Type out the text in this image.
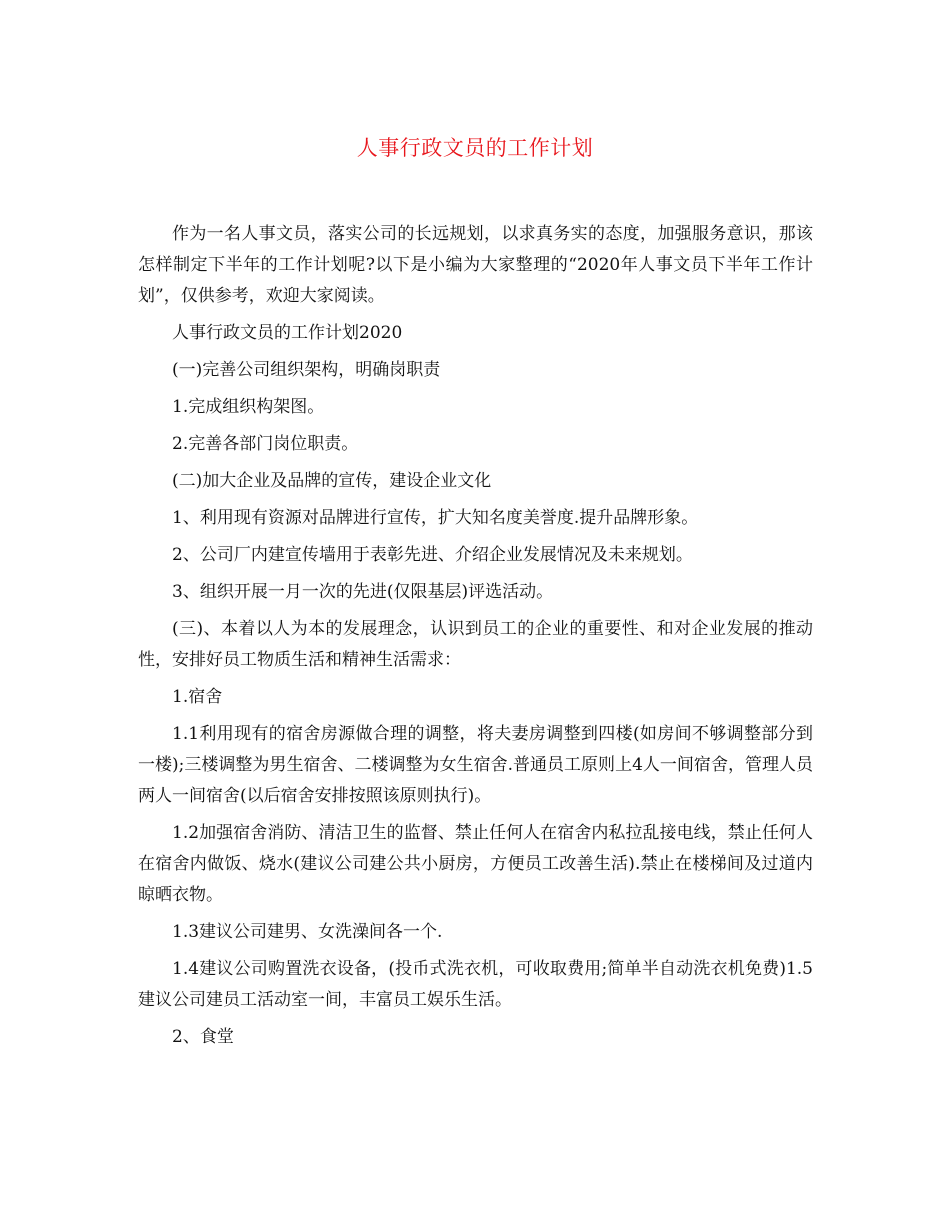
人事行政文员的工作计划

作为一名人事文员，落实公司的长远规划，以求真务实的态度，加强服务意识，那该怎样制定下半年的工作计划呢?以下是小编为大家整理的“2020年人事文员下半年工作计划”，仅供参考，欢迎大家阅读。

人事行政文员的工作计划2020

(一)完善公司组织架构，明确岗职责

1.完成组织构架图。

2.完善各部门岗位职责。

(二)加大企业及品牌的宣传，建设企业文化

1、利用现有资源对品牌进行宣传，扩大知名度美誉度.提升品牌形象。

2、公司厂内建宣传墙用于表彰先进、介绍企业发展情况及未来规划。

3、组织开展一月一次的先进(仅限基层)评选活动。

(三)、本着以人为本的发展理念，认识到员工的企业的重要性、和对企业发展的推动性，安排好员工物质生活和精神生活需求：

1.宿舍

1.1利用现有的宿舍房源做合理的调整，将夫妻房调整到四楼(如房间不够调整部分到一楼);三楼调整为男生宿舍、二楼调整为女生宿舍.普通员工原则上4人一间宿舍，管理人员两人一间宿舍(以后宿舍安排按照该原则执行)。

1.2加强宿舍消防、清洁卫生的监督、禁止任何人在宿舍内私拉乱接电线，禁止任何人在宿舍内做饭、烧水(建议公司建公共小厨房，方便员工改善生活).禁止在楼梯间及过道内晾晒衣物。

1.3建议公司建男、女洗澡间各一个.

1.4建议公司购置洗衣设备，(投币式洗衣机，可收取费用;简单半自动洗衣机免费)1.5建议公司建员工活动室一间，丰富员工娱乐生活。

2、食堂
